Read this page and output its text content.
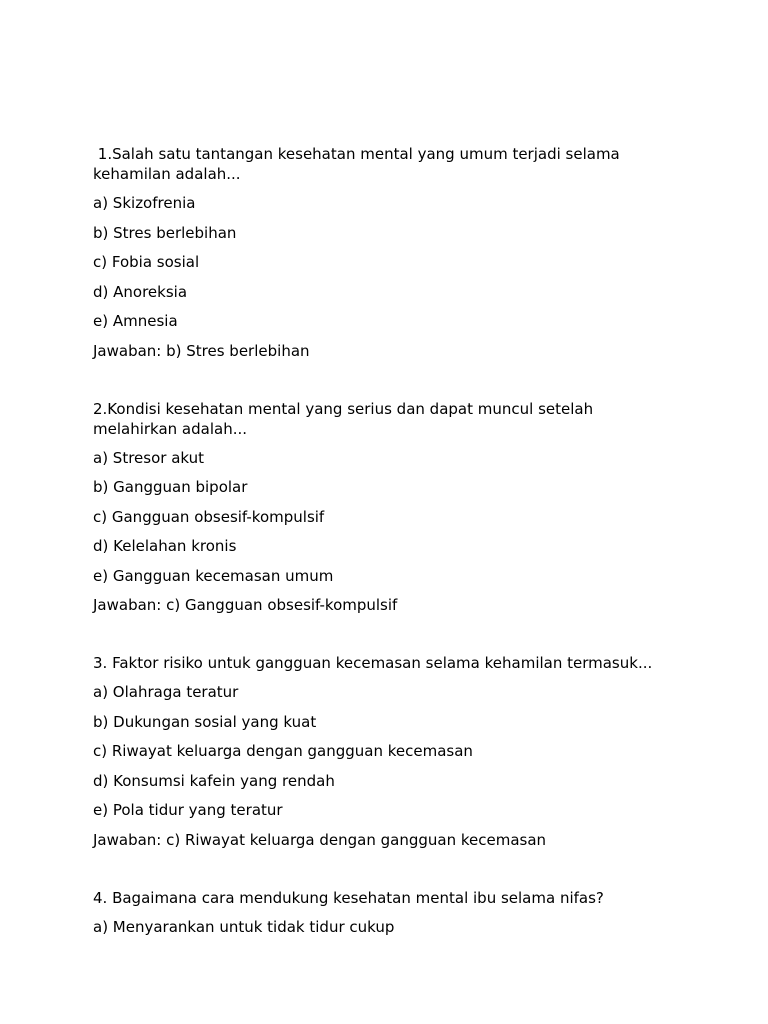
1.Salah satu tantangan kesehatan mental yang umum terjadi selama
kehamilan adalah...

a) Skizofrenia

b) Stres berlebihan

c) Fobia sosial

d) Anoreksia

e) Amnesia

Jawaban: b) Stres berlebihan

2.Kondisi kesehatan mental yang serius dan dapat muncul setelah
melahirkan adalah...

a) Stresor akut

b) Gangguan bipolar

c) Gangguan obsesif-kompulsif

d) Kelelahan kronis

e) Gangguan kecemasan umum

Jawaban: c) Gangguan obsesif-kompulsif

3. Faktor risiko untuk gangguan kecemasan selama kehamilan termasuk...

a) Olahraga teratur

b) Dukungan sosial yang kuat

c) Riwayat keluarga dengan gangguan kecemasan

d) Konsumsi kafein yang rendah

e) Pola tidur yang teratur

Jawaban: c) Riwayat keluarga dengan gangguan kecemasan

4. Bagaimana cara mendukung kesehatan mental ibu selama nifas?

a) Menyarankan untuk tidak tidur cukup
